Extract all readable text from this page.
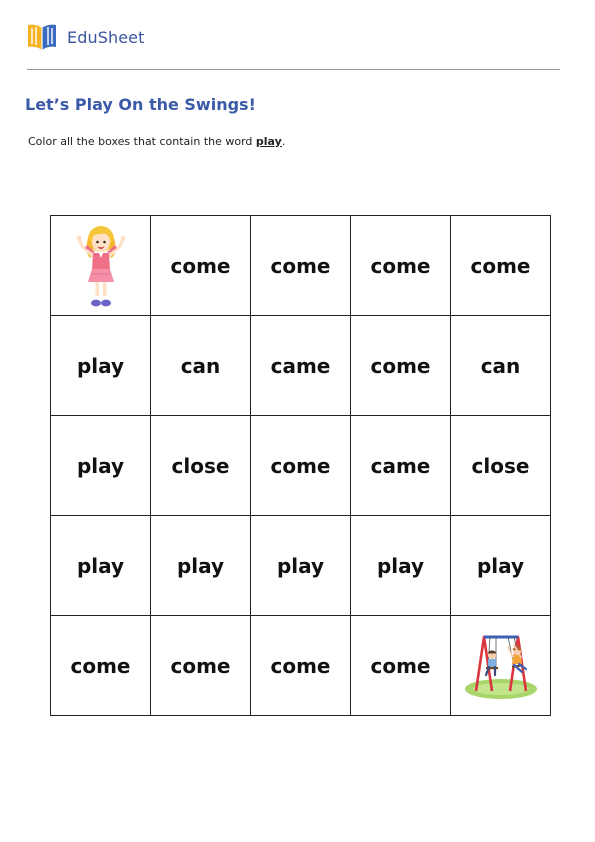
EduSheet
Let’s Play On the Swings!

Color all the boxes that contain the word play.

	come	come	come	come
play	can	came	come	can
play	close	come	came	close
play	play	play	play	play
come	come	come	come	
